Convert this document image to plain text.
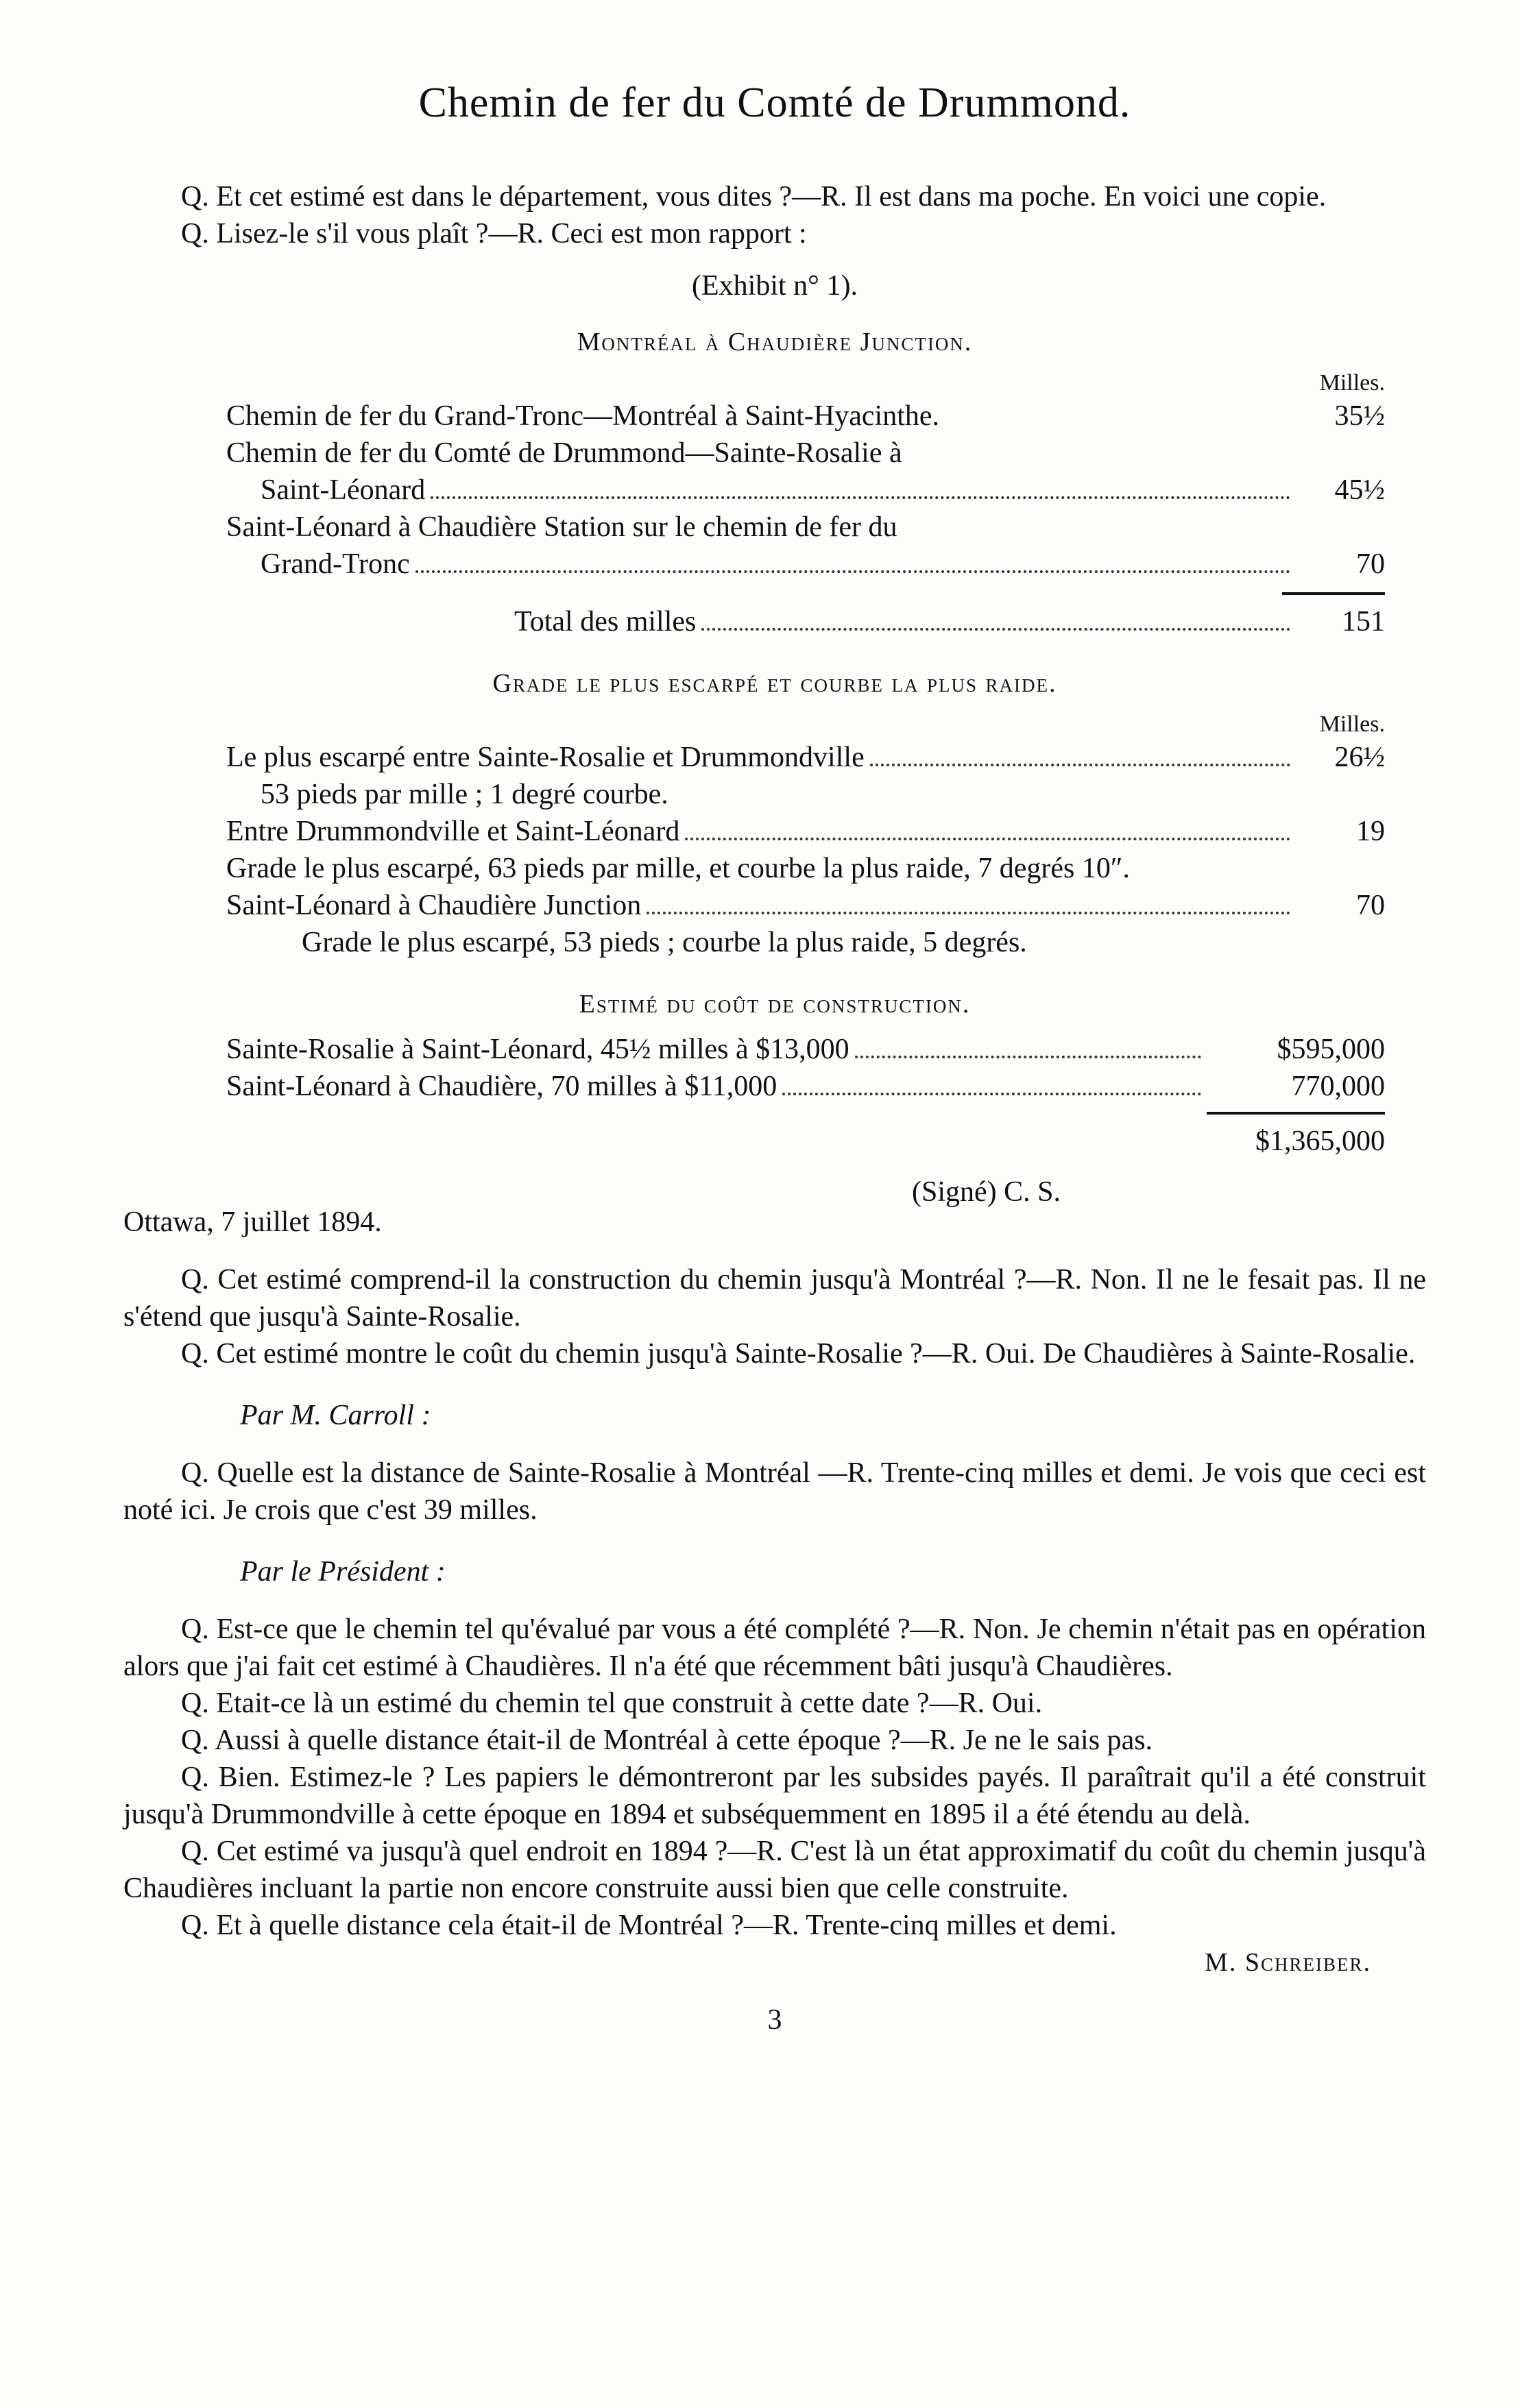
Chemin de fer du Comté de Drummond.

Q. Et cet estimé est dans le département, vous dites ?—R. Il est dans ma poche. En voici une copie.

Q. Lisez-le s'il vous plaît ?—R. Ceci est mon rapport :

(Exhibit n° 1).

Montréal à Chaudière Junction.
Milles.
Chemin de fer du Grand-Tronc—Montréal à Saint-Hyacinthe.	35½
Chemin de fer du Comté de Drummond—Sainte-Rosalie à
Saint-Léonard	45½
Saint-Léonard à Chaudière Station sur le chemin de fer du
Grand-Tronc	70
Total des milles	151
Grade le plus escarpé et courbe la plus raide.
Milles.
Le plus escarpé entre Sainte-Rosalie et Drummondville	26½
53 pieds par mille ; 1 degré courbe.
Entre Drummondville et Saint-Léonard	19
Grade le plus escarpé, 63 pieds par mille, et courbe la plus raide, 7 degrés 10″.
Saint-Léonard à Chaudière Junction	70
Grade le plus escarpé, 53 pieds ; courbe la plus raide, 5 degrés.
Estimé du coût de construction.
Sainte-Rosalie à Saint-Léonard, 45½ milles à $13,000	$595,000
Saint-Léonard à Chaudière, 70 milles à $11,000	770,000
$1,365,000
(Signé) C. S.
Ottawa, 7 juillet 1894.

Q. Cet estimé comprend-il la construction du chemin jusqu'à Montréal ?—R. Non. Il ne le fesait pas. Il ne s'étend que jusqu'à Sainte-Rosalie.

Q. Cet estimé montre le coût du chemin jusqu'à Sainte-Rosalie ?—R. Oui. De Chaudières à Sainte-Rosalie.

Par M. Carroll :

Q. Quelle est la distance de Sainte-Rosalie à Montréal —R. Trente-cinq milles et demi. Je vois que ceci est noté ici. Je crois que c'est 39 milles.

Par le Président :

Q. Est-ce que le chemin tel qu'évalué par vous a été complété ?—R. Non. Je chemin n'était pas en opération alors que j'ai fait cet estimé à Chaudières. Il n'a été que récemment bâti jusqu'à Chaudières.

Q. Etait-ce là un estimé du chemin tel que construit à cette date ?—R. Oui.

Q. Aussi à quelle distance était-il de Montréal à cette époque ?—R. Je ne le sais pas.

Q. Bien. Estimez-le ? Les papiers le démontreront par les subsides payés. Il paraîtrait qu'il a été construit jusqu'à Drummondville à cette époque en 1894 et subséquemment en 1895 il a été étendu au delà.

Q. Cet estimé va jusqu'à quel endroit en 1894 ?—R. C'est là un état approximatif du coût du chemin jusqu'à Chaudières incluant la partie non encore construite aussi bien que celle construite.

Q. Et à quelle distance cela était-il de Montréal ?—R. Trente-cinq milles et demi.

M. Schreiber.
3
